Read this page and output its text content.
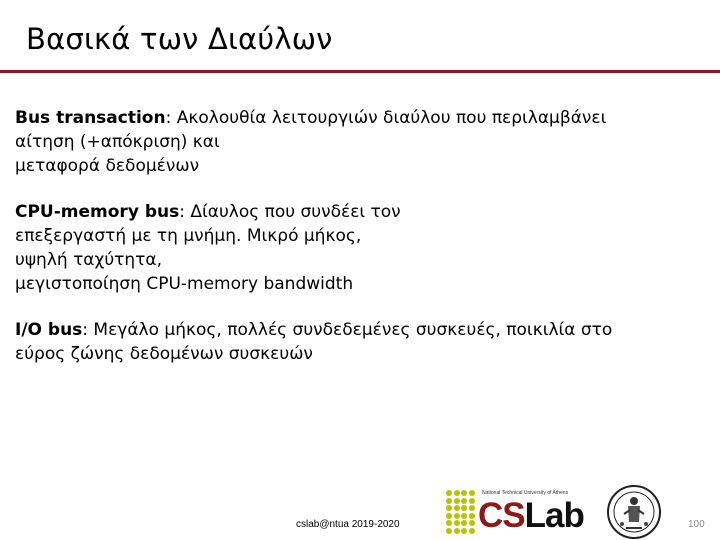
Βασικά των Διαύλων

Bus transaction: Ακολουθία λειτουργιών διαύλου που περιλαμβάνει
αίτηση (+απόκριση) και
μεταφορά δεδομένων

CPU-memory bus: Δίαυλος που συνδέει τον
επεξεργαστή με τη μνήμη. Μικρό μήκος,
υψηλή ταχύτητα,
μεγιστοποίηση CPU-memory bandwidth

I/O bus: Μεγάλο μήκος, πολλές συνδεδεμένες συσκευές, ποικιλία στο
εύρος ζώνης δεδομένων συσκευών

cslab@ntua 2019-2020
National Technical University of Athens
CSLab	100
